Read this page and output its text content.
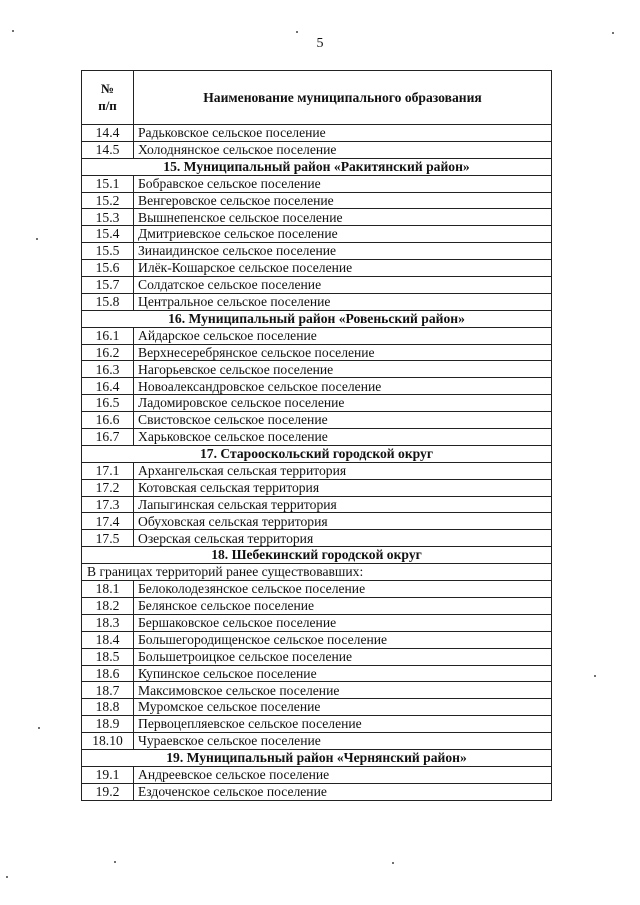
5
№
п/п	Наименование муниципального образования
14.4	Радьковское сельское поселение
14.5	Холоднянское сельское поселение
15. Муниципальный район «Ракитянский район»	
15.1	Бобравское сельское поселение
15.2	Венгеровское сельское поселение
15.3	Вышнепенское сельское поселение
15.4	Дмитриевское сельское поселение
15.5	Зинаидинское сельское поселение
15.6	Илёк-Кошарское сельское поселение
15.7	Солдатское сельское поселение
15.8	Центральное сельское поселение
16. Муниципальный район «Ровеньский район»	
16.1	Айдарское сельское поселение
16.2	Верхнесеребрянское сельское поселение
16.3	Нагорьевское сельское поселение
16.4	Новоалександровское сельское поселение
16.5	Ладомировское сельское поселение
16.6	Свистовское сельское поселение
16.7	Харьковское сельское поселение
17. Старооскольский городской округ	
17.1	Архангельская сельская территория
17.2	Котовская сельская территория
17.3	Лапыгинская сельская территория
17.4	Обуховская сельская территория
17.5	Озерская сельская территория
18. Шебекинский городской округ	
В границах территорий ранее существовавших:	
18.1	Белоколодезянское сельское поселение
18.2	Белянское сельское поселение
18.3	Бершаковское сельское поселение
18.4	Большегородищенское сельское поселение
18.5	Большетроицкое сельское поселение
18.6	Купинское сельское поселение
18.7	Максимовское сельское поселение
18.8	Муромское сельское поселение
18.9	Первоцепляевское сельское поселение
18.10	Чураевское сельское поселение
19. Муниципальный район «Чернянский район»	
19.1	Андреевское сельское поселение
19.2	Ездоченское сельское поселение
